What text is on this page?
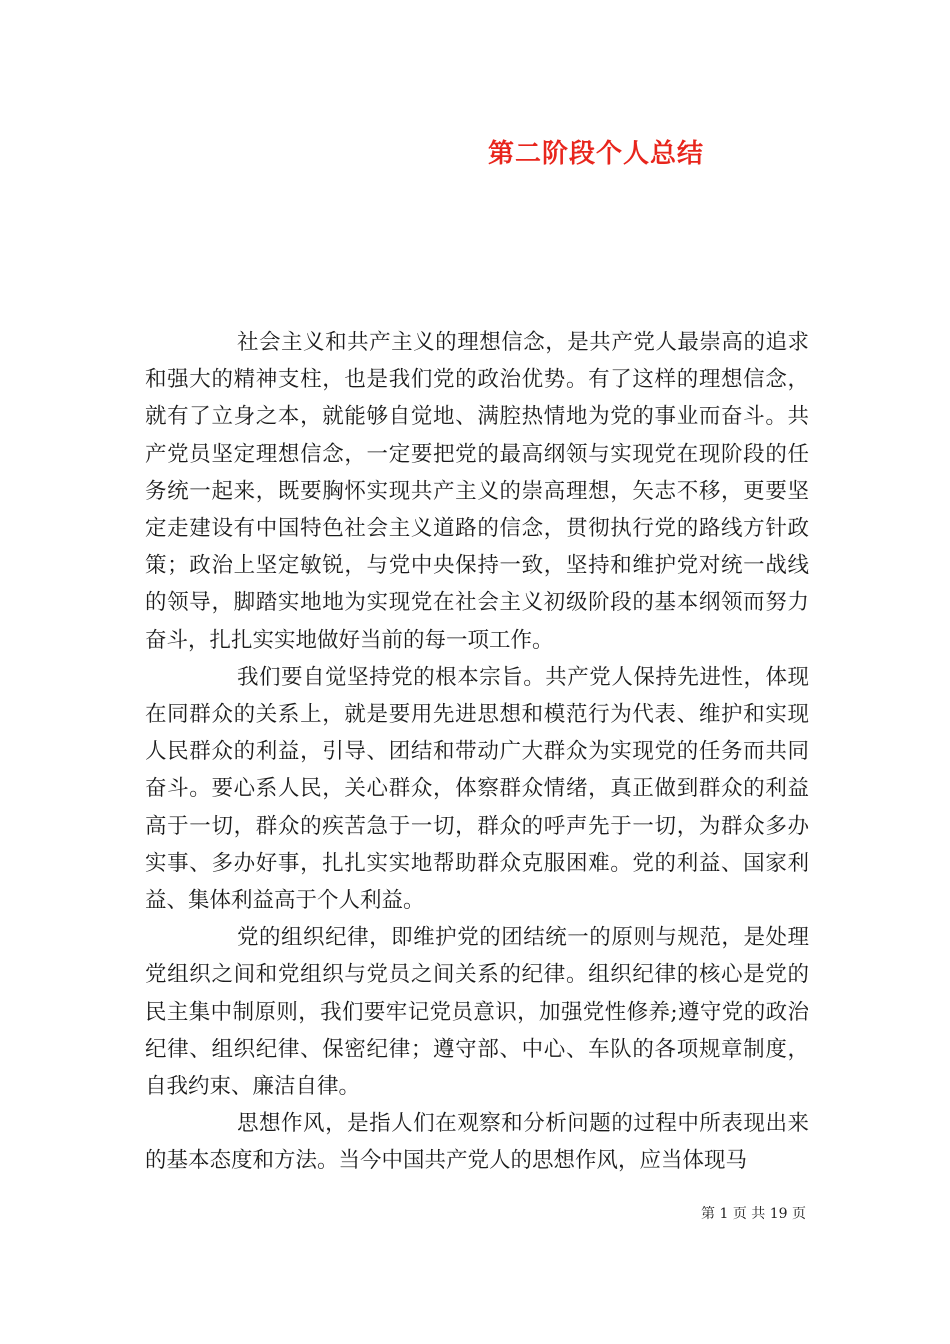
第二阶段个人总结

社会主义和共产主义的理想信念，是共产党人最崇高的追求和强大的精神支柱，也是我们党的政治优势。有了这样的理想信念，就有了立身之本，就能够自觉地、满腔热情地为党的事业而奋斗。共产党员坚定理想信念，一定要把党的最高纲领与实现党在现阶段的任务统一起来，既要胸怀实现共产主义的崇高理想，矢志不移，更要坚定走建设有中国特色社会主义道路的信念，贯彻执行党的路线方针政策；政治上坚定敏锐，与党中央保持一致，坚持和维护党对统一战线的领导，脚踏实地地为实现党在社会主义初级阶段的基本纲领而努力奋斗，扎扎实实地做好当前的每一项工作。

我们要自觉坚持党的根本宗旨。共产党人保持先进性，体现在同群众的关系上，就是要用先进思想和模范行为代表、维护和实现人民群众的利益，引导、团结和带动广大群众为实现党的任务而共同奋斗。要心系人民，关心群众，体察群众情绪，真正做到群众的利益高于一切，群众的疾苦急于一切，群众的呼声先于一切，为群众多办实事、多办好事，扎扎实实地帮助群众克服困难。党的利益、国家利益、集体利益高于个人利益。

党的组织纪律，即维护党的团结统一的原则与规范，是处理党组织之间和党组织与党员之间关系的纪律。组织纪律的核心是党的民主集中制原则，我们要牢记党员意识，加强党性修养;遵守党的政治纪律、组织纪律、保密纪律；遵守部、中心、车队的各项规章制度，自我约束、廉洁自律。

思想作风，是指人们在观察和分析问题的过程中所表现出来的基本态度和方法。当今中国共产党人的思想作风，应当体现马

第 1 页 共 19 页
